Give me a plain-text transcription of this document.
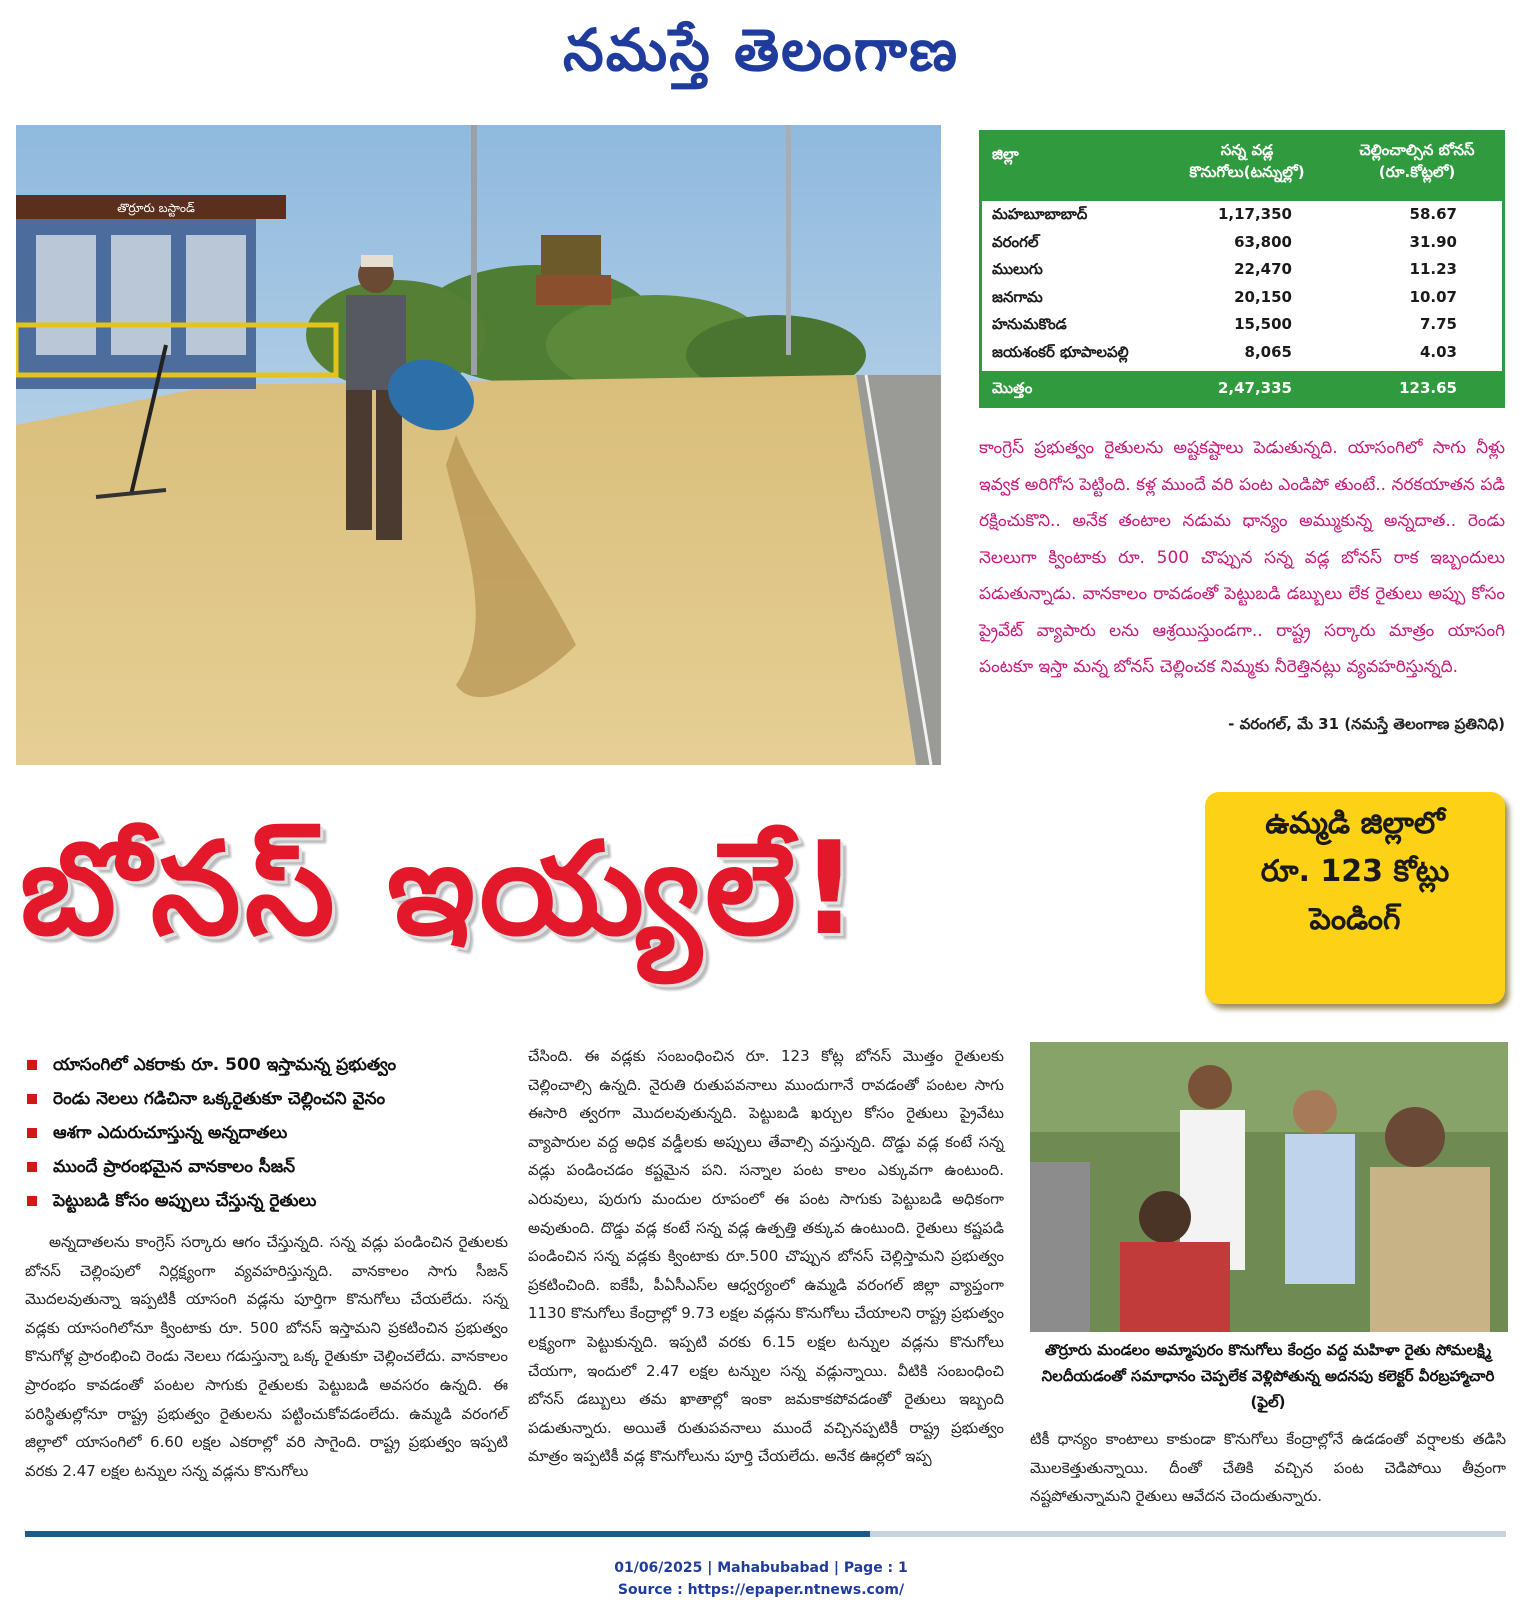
నమస్తే తెలంగాణ
తొర్రూరు బస్టాండ్
జిల్లా	సన్న వడ్ల
కొనుగోలు(టన్నుల్లో)
చెల్లించాల్సిన బోనస్
(రూ.కోట్లలో)
మహబూబాబాద్	1,17,350	58.67
వరంగల్	63,800	31.90
ములుగు	22,470	11.23
జనగామ	20,150	10.07
హనుమకొండ	15,500	7.75
జయశంకర్ భూపాలపల్లి	8,065	4.03
మొత్తం	2,47,335	123.65
కాంగ్రెస్ ప్రభుత్వం రైతులను అష్టకష్టాలు పెడుతున్నది. యాసంగిలో సాగు నీళ్లు ఇవ్వక అరిగోస పెట్టింది. కళ్ల ముందే వరి పంట ఎండిపో తుంటే.. నరకయాతన పడి రక్షించుకొని.. అనేక తంటాల నడుమ ధాన్యం అమ్ముకున్న అన్నదాత.. రెండు నెలలుగా క్వింటాకు రూ. 500 చొప్పున సన్న వడ్ల బోనస్ రాక ఇబ్బందులు పడుతున్నాడు. వానకాలం రావడంతో పెట్టుబడి డబ్బులు లేక రైతులు అప్పు కోసం ప్రైవేట్ వ్యాపారు లను ఆశ్రయిస్తుండగా.. రాష్ట్ర సర్కారు మాత్రం యాసంగి పంటకూ ఇస్తా మన్న బోనస్ చెల్లించక నిమ్మకు నీరెత్తినట్లు వ్యవహరిస్తున్నది.
- వరంగల్, మే 31 (నమస్తే తెలంగాణ ప్రతినిధి)
బోనస్ ఇయ్యలే!	ఉమ్మడి జిల్లాలో
రూ. 123 కోట్లు
పెండింగ్
యాసంగిలో ఎకరాకు రూ. 500 ఇస్తామన్న ప్రభుత్వం
రెండు నెలలు గడిచినా ఒక్కరైతుకూ చెల్లించని వైనం
ఆశగా ఎదురుచూస్తున్న అన్నదాతలు
ముందే ప్రారంభమైన వానకాలం సీజన్
పెట్టుబడి కోసం అప్పులు చేస్తున్న రైతులు
అన్నదాతలను కాంగ్రెస్ సర్కారు ఆగం చేస్తున్నది. సన్న వడ్లు పండించిన రైతులకు బోనస్ చెల్లింపులో నిర్లక్ష్యంగా వ్యవహరిస్తున్నది. వానకాలం సాగు సీజన్ మొదలవుతున్నా ఇప్పటికీ యాసంగి వడ్లను పూర్తిగా కొనుగోలు చేయలేదు. సన్న వడ్లకు యాసంగిలోనూ క్వింటాకు రూ. 500 బోనస్ ఇస్తామని ప్రకటించిన ప్రభుత్వం కొనుగోళ్ల ప్రారంభించి రెండు నెలలు గడుస్తున్నా ఒక్క రైతుకూ చెల్లించలేదు. వానకాలం ప్రారంభం కావడంతో పంటల సాగుకు రైతులకు పెట్టుబడి అవసరం ఉన్నది. ఈ పరిస్థితుల్లోనూ రాష్ట్ర ప్రభుత్వం రైతులను పట్టించుకోవడంలేదు. ఉమ్మడి వరంగల్ జిల్లాలో యాసంగిలో 6.60 లక్షల ఎకరాల్లో వరి సాగైంది. రాష్ట్ర ప్రభుత్వం ఇప్పటి వరకు 2.47 లక్షల టన్నుల సన్న వడ్లను కొనుగోలు
చేసింది. ఈ వడ్లకు సంబంధించిన రూ. 123 కోట్ల బోనస్ మొత్తం రైతులకు చెల్లించాల్సి ఉన్నది. నైరుతి రుతుపవనాలు ముందుగానే రావడంతో పంటల సాగు ఈసారి త్వరగా మొదలవుతున్నది. పెట్టుబడి ఖర్చుల కోసం రైతులు ప్రైవేటు వ్యాపారుల వద్ద అధిక వడ్డీలకు అప్పులు తేవాల్సి వస్తున్నది. దొడ్డు వడ్ల కంటే సన్న వడ్లు పండించడం కష్టమైన పని. సన్నాల పంట కాలం ఎక్కువగా ఉంటుంది. ఎరువులు, పురుగు మందుల రూపంలో ఈ పంట సాగుకు పెట్టుబడి అధికంగా అవుతుంది. దొడ్డు వడ్ల కంటే సన్న వడ్ల ఉత్పత్తి తక్కువ ఉంటుంది. రైతులు కష్టపడి పండించిన సన్న వడ్లకు క్వింటాకు రూ.500 చొప్పున బోనస్ చెల్లిస్తామని ప్రభుత్వం ప్రకటించింది. ఐకేపీ, పీఏసీఎస్‌ల ఆధ్వర్యంలో ఉమ్మడి వరంగల్ జిల్లా వ్యాప్తంగా 1130 కొనుగోలు కేంద్రాల్లో 9.73 లక్షల వడ్లను కొనుగోలు చేయాలని రాష్ట్ర ప్రభుత్వం లక్ష్యంగా పెట్టుకున్నది. ఇప్పటి వరకు 6.15 లక్షల టన్నుల వడ్లను కొనుగోలు చేయగా, ఇందులో 2.47 లక్షల టన్నుల సన్న వడ్లున్నాయి. వీటికి సంబంధించి బోనస్ డబ్బులు తమ ఖాతాల్లో ఇంకా జమకాకపోవడంతో రైతులు ఇబ్బంది పడుతున్నారు. అయితే రుతుపవనాలు ముందే వచ్చినప్పటికీ రాష్ట్ర ప్రభుత్వం మాత్రం ఇప్పటికీ వడ్ల కొనుగోలును పూర్తి చేయలేదు. అనేక ఊర్లలో ఇప్ప
తొర్రూరు మండలం అమ్మాపురం కొనుగోలు కేంద్రం వద్ద మహిళా రైతు సోమలక్ష్మి నిలదీయడంతో సమాధానం చెప్పలేక వెళ్లిపోతున్న అదనపు కలెక్టర్ వీరబ్రహ్మాచారి (ఫైల్)
టికీ ధాన్యం కాంటాలు కాకుండా కొనుగోలు కేంద్రాల్లోనే ఉడడంతో వర్షాలకు తడిసి మొలకెత్తుతున్నాయి. దీంతో చేతికి వచ్చిన పంట చెడిపోయి తీవ్రంగా నష్టపోతున్నామని రైతులు ఆవేదన చెందుతున్నారు.
01/06/2025 | Mahabubabad | Page : 1
Source : https://epaper.ntnews.com/
